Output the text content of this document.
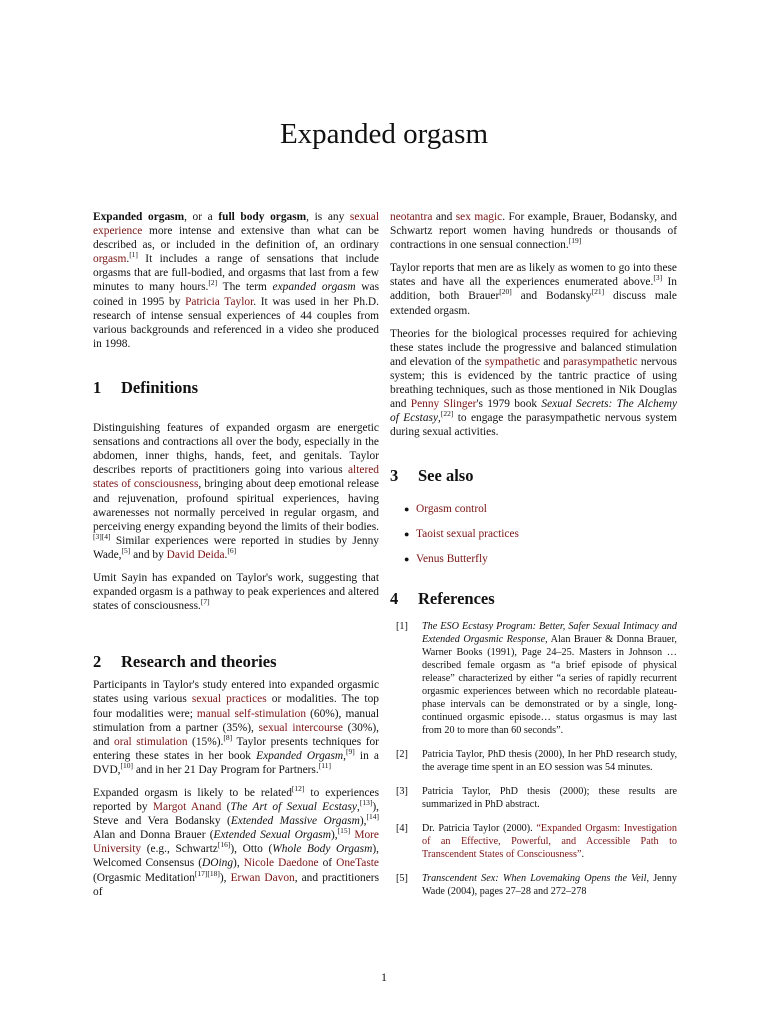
Expanded orgasm

Expanded orgasm, or a full body orgasm, is any sexual experience more intense and extensive than what can be described as, or included in the definition of, an ordinary orgasm.[1] It includes a range of sensations that include orgasms that are full-bodied, and orgasms that last from a few minutes to many hours.[2] The term expanded orgasm was coined in 1995 by Patricia Taylor. It was used in her Ph.D. research of intense sensual experiences of 44 couples from various backgrounds and referenced in a video she produced in 1998.

1	Definitions

Distinguishing features of expanded orgasm are energetic sensations and contractions all over the body, especially in the abdomen, inner thighs, hands, feet, and genitals. Taylor describes reports of practitioners going into various altered states of consciousness, bringing about deep emotional release and rejuvenation, profound spiritual experiences, having awarenesses not normally perceived in regular orgasm, and perceiving energy expanding beyond the limits of their bodies.[3][4] Similar experiences were reported in studies by Jenny Wade,[5] and by David Deida.[6]

Umit Sayin has expanded on Taylor's work, suggesting that expanded orgasm is a pathway to peak experiences and altered states of consciousness.[7]

2	Research and theories

Participants in Taylor's study entered into expanded orgasmic states using various sexual practices or modalities. The top four modalities were; manual self-stimulation (60%), manual stimulation from a partner (35%), sexual intercourse (30%), and oral stimulation (15%).[8] Taylor presents techniques for entering these states in her book Expanded Orgasm,[9] in a DVD,[10] and in her 21 Day Program for Partners.[11]

Expanded orgasm is likely to be related[12] to experiences reported by Margot Anand (The Art of Sexual Ecstasy,[13]), Steve and Vera Bodansky (Extended Massive Orgasm),[14] Alan and Donna Brauer (Extended Sexual Orgasm),[15] More University (e.g., Schwartz[16]), Otto (Whole Body Orgasm), Welcomed Consensus (DOing), Nicole Daedone of OneTaste (Orgasmic Meditation[17][18]), Erwan Davon, and practitioners of

neotantra and sex magic. For example, Brauer, Bodansky, and Schwartz report women having hundreds or thousands of contractions in one sensual connection.[19]

Taylor reports that men are as likely as women to go into these states and have all the experiences enumerated above.[3] In addition, both Brauer[20] and Bodansky[21] discuss male extended orgasm.

Theories for the biological processes required for achieving these states include the progressive and balanced stimulation and elevation of the sympathetic and parasympathetic nervous system; this is evidenced by the tantric practice of using breathing techniques, such as those mentioned in Nik Douglas and Penny Slinger's 1979 book Sexual Secrets: The Alchemy of Ecstasy,[22] to engage the parasympathetic nervous system during sexual activities.

3	See also
● Orgasm control
● Taoist sexual practices
● Venus Butterfly
4	References
[1]	The ESO Ecstasy Program: Better, Safer Sexual Intimacy and Extended Orgasmic Response, Alan Brauer & Donna Brauer, Warner Books (1991), Page 24–25. Masters in Johnson … described female orgasm as “a brief episode of physical release” characterized by either “a series of rapidly recurrent orgasmic experiences between which no recordable plateau-phase intervals can be demonstrated or by a single, long-continued orgasmic episode… status orgasmus is may last from 20 to more than 60 seconds”.
[2]	Patricia Taylor, PhD thesis (2000), In her PhD research study, the average time spent in an EO session was 54 minutes.
[3]	Patricia Taylor, PhD thesis (2000); these results are summarized in PhD abstract.
[4]	Dr. Patricia Taylor (2000). “Expanded Orgasm: Investigation of an Effective, Powerful, and Accessible Path to Transcendent States of Consciousness”.
[5]	Transcendent Sex: When Lovemaking Opens the Veil, Jenny Wade (2004), pages 27–28 and 272–278
1
